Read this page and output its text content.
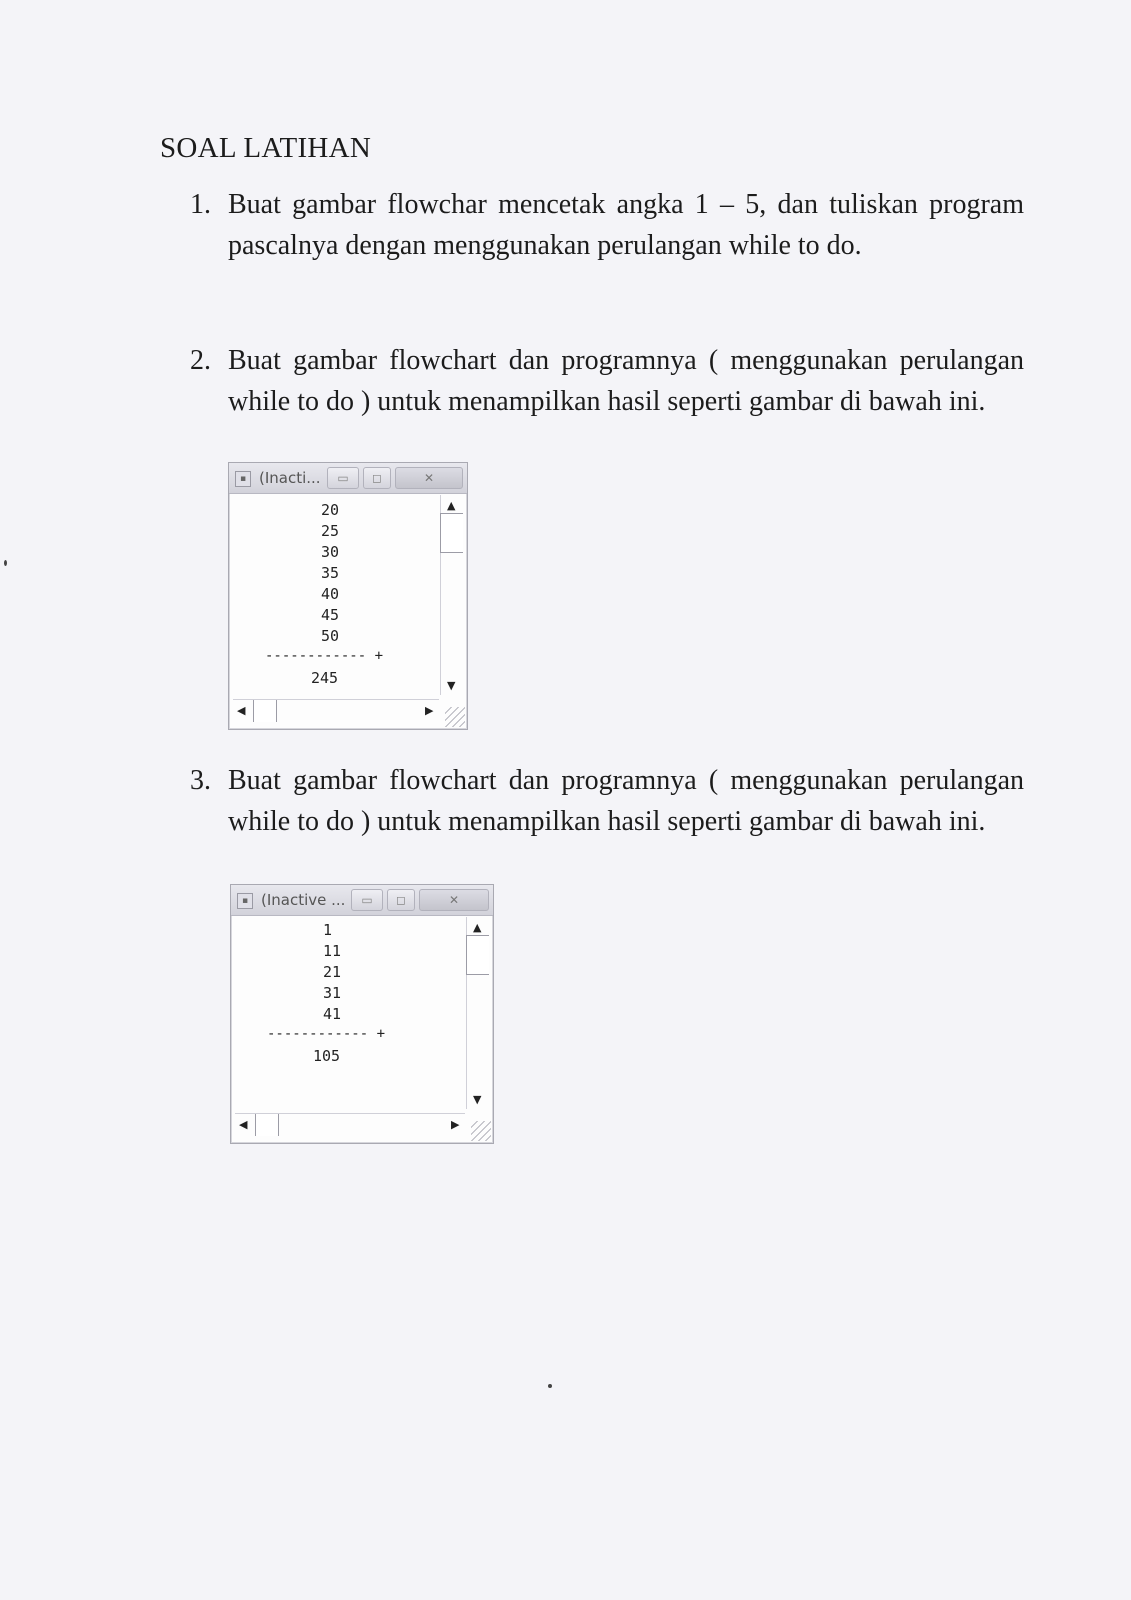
SOAL LATIHAN
1. Buat gambar flowchar mencetak angka 1 – 5, dan tuliskan program pascalnya dengan menggunakan perulangan while to do.
2. Buat gambar flowchart dan programnya ( menggunakan perulangan while to do ) untuk menampilkan hasil seperti gambar di bawah ini.
▪ (Inacti...	▭	◻	✕
▲
▼
◀	▶
20
25
30
35
40
45
50
------------ +
245
3. Buat gambar flowchart dan programnya ( menggunakan perulangan while to do ) untuk menampilkan hasil seperti gambar di bawah ini.
▪ (Inactive ...	▭	◻	✕
▲
▼
◀	▶
1
11
21
31
41
------------ +
105
